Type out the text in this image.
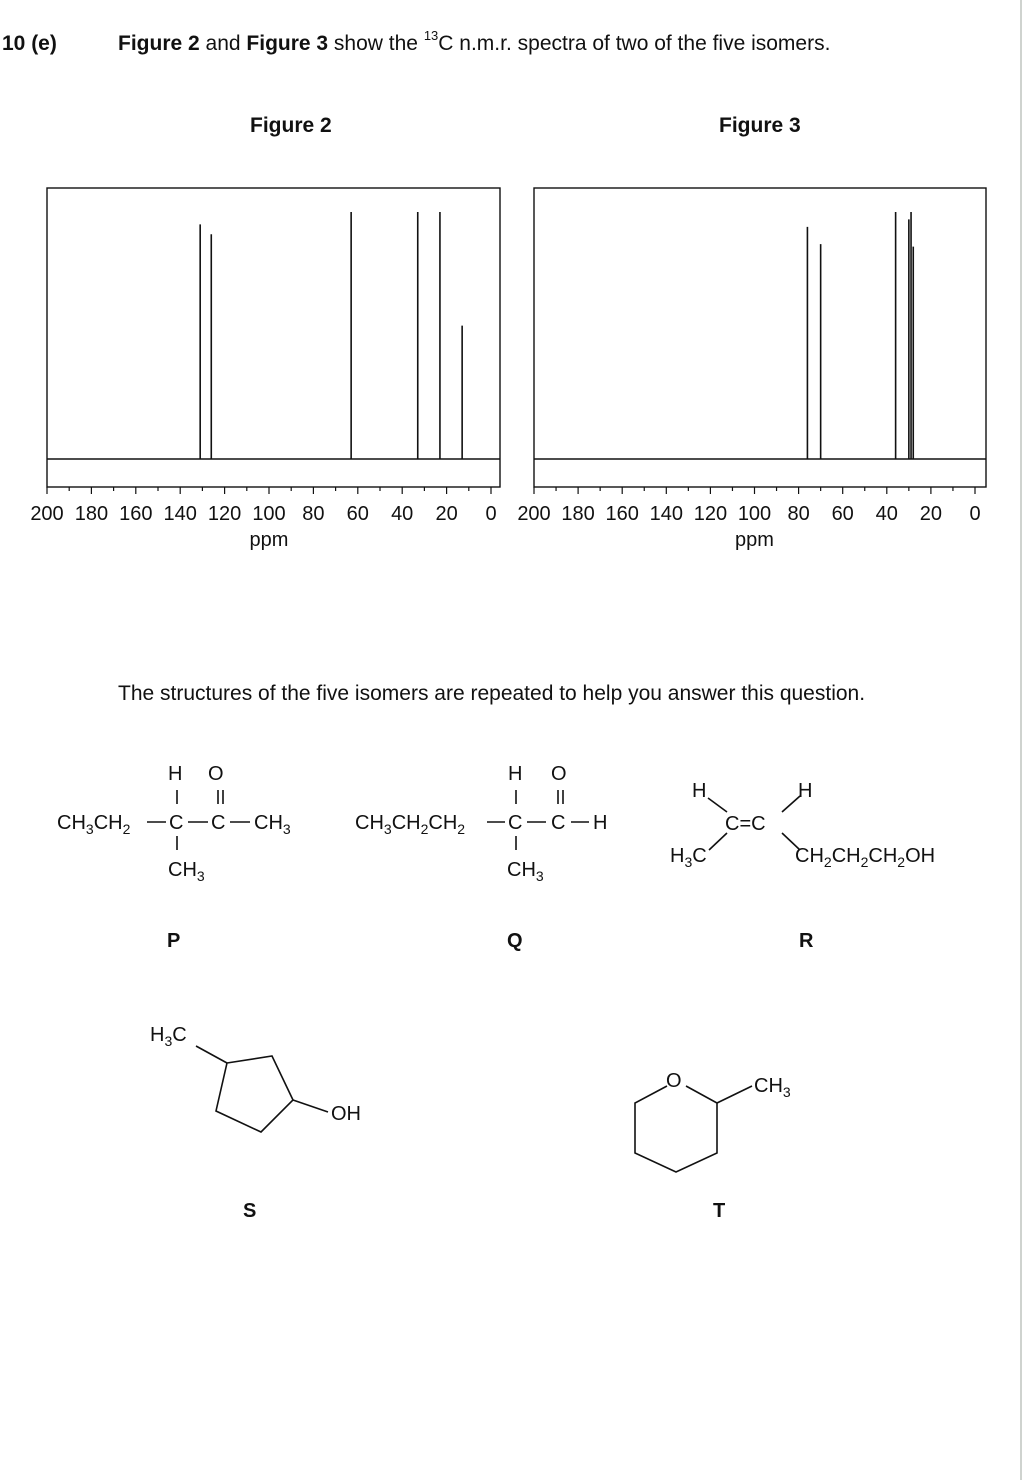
10 (e)	Figure 2 and Figure 3 show the $^{13}$C n.m.r. spectra of two of the five isomers.
Figure 2	Figure 3
200 180 160 140 120 100 80 60 40 20 0
ppm
200 180 160 140 120 100 80 60 40 20 0
ppm
The structures of the five isomers are repeated to help you answer this question.
H O
$CH_3CH_2$ C C $CH_3$
$CH_3$
P
H O
$CH_3CH_2CH_2$ C C H
$CH_3$
Q
H	H
C=C
$H_3C$	$CH_2CH_2CH_2OH$
R
$H_3C$
OH
S
O	$CH_3$
T
